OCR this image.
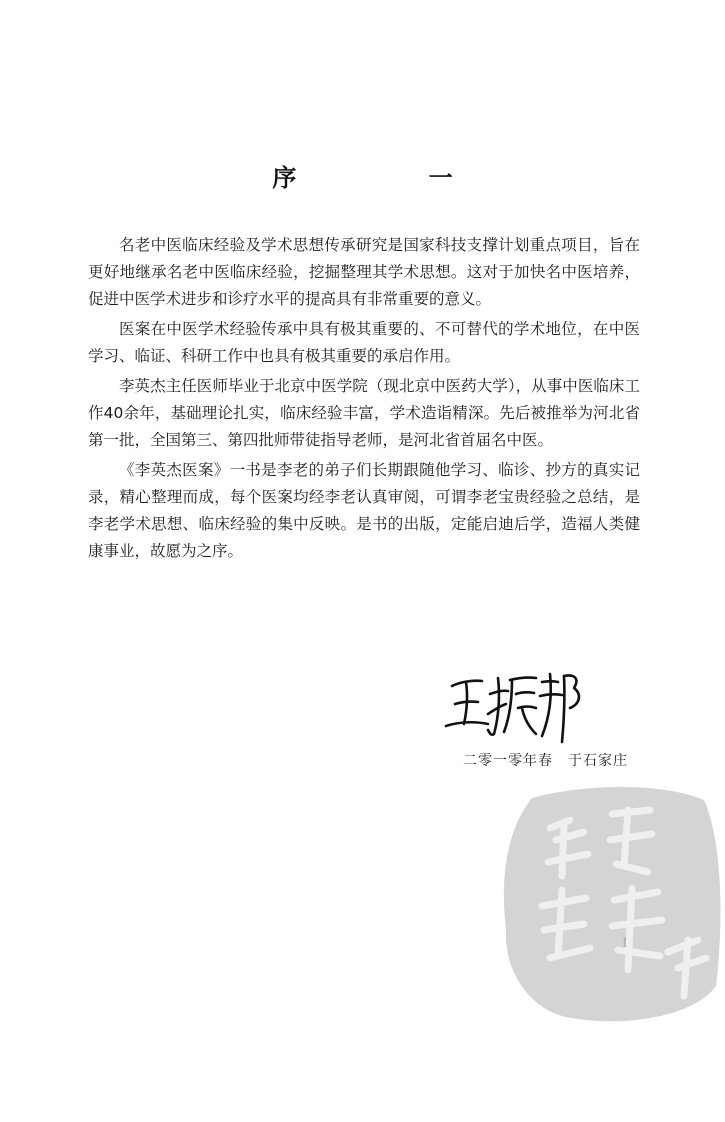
序 一

名老中医临床经验及学术思想传承研究是国家科技支撑计划重点项目，旨在更好地继承名老中医临床经验，挖掘整理其学术思想。这对于加快名中医培养，促进中医学术进步和诊疗水平的提高具有非常重要的意义。

医案在中医学术经验传承中具有极其重要的、不可替代的学术地位，在中医学习、临证、科研工作中也具有极其重要的承启作用。

李英杰主任医师毕业于北京中医学院（现北京中医药大学），从事中医临床工作40余年，基础理论扎实，临床经验丰富，学术造诣精深。先后被推举为河北省第一批，全国第三、第四批师带徒指导老师，是河北省首届名中医。

《李英杰医案》一书是李老的弟子们长期跟随他学习、临诊、抄方的真实记录，精心整理而成，每个医案均经李老认真审阅，可谓李老宝贵经验之总结，是李老学术思想、临床经验的集中反映。是书的出版，定能启迪后学，造福人类健康事业，故愿为之序。

二零一零年春　于石家庄
